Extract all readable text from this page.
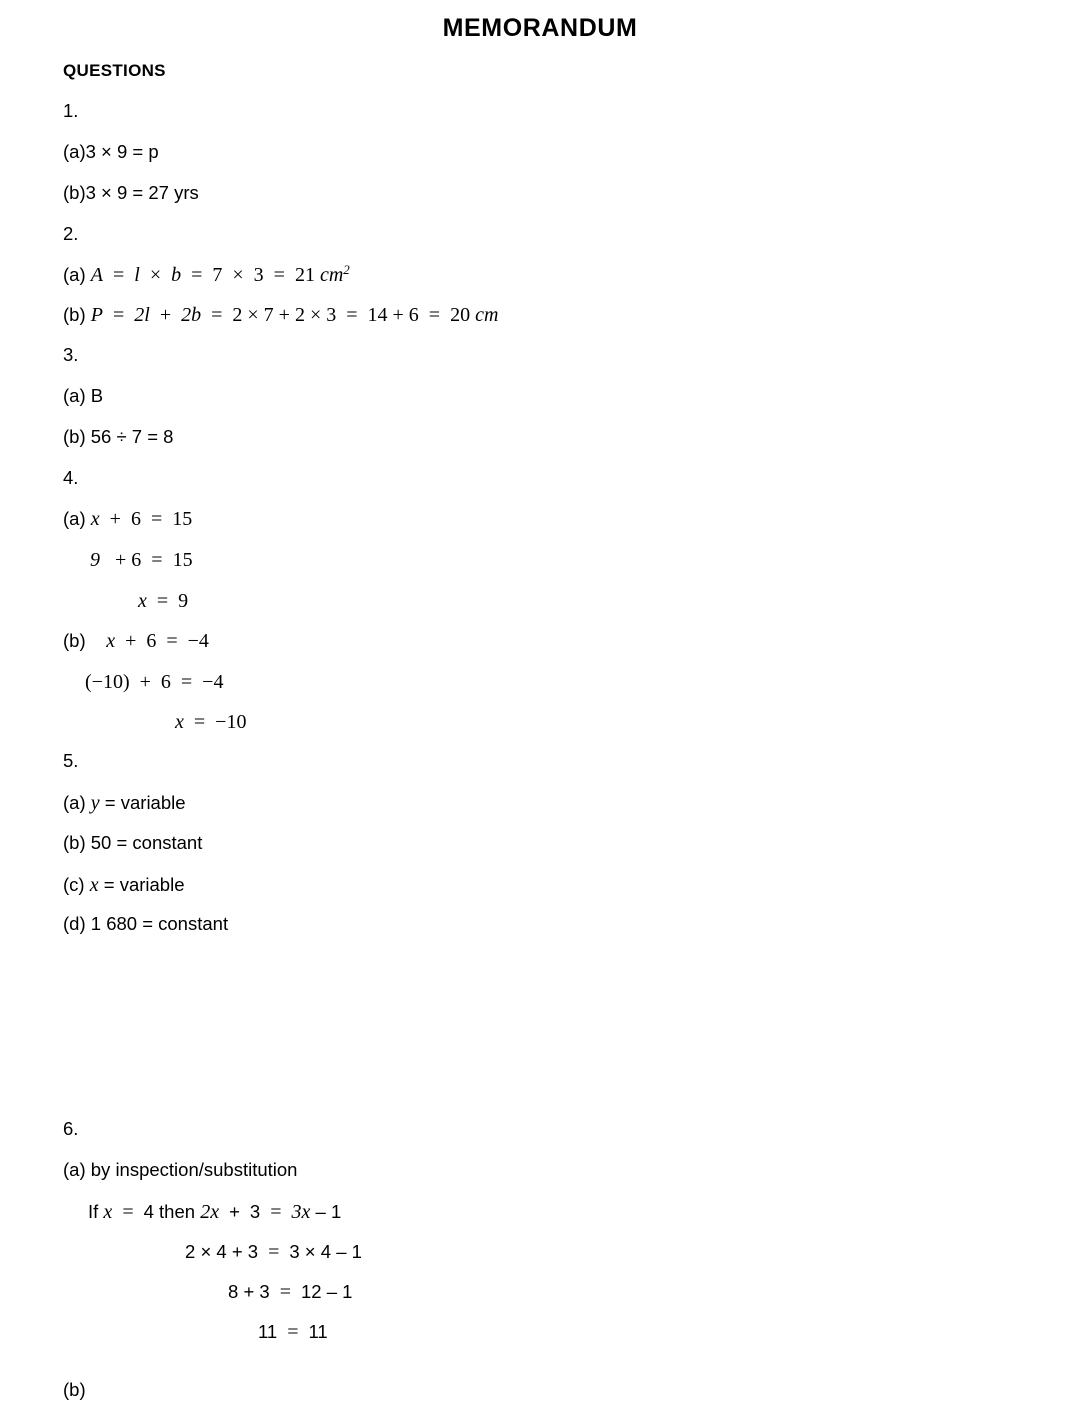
MEMORANDUM
QUESTIONS
1.
(a)3 × 9 = p
(b)3 × 9 = 27 yrs
2.
(a) A = l × b = 7 × 3 = 21 $cm^2$
(b) P = 2l + 2b = 2 × 7 + 2 × 3 = 14 + 6 = 20 cm
3.
(a) B
(b) 56 ÷ 7 = 8
4.
(a) x + 6 = 15
9 + 6 = 15
x = 9
(b) x + 6 = −4
(−10) + 6 = −4
x = −10
5.
(a) y = variable
(b) 50 = constant
(c) x = variable
(d) 1 680 = constant
6.
(a) by inspection/substitution
If x = 4 then 2x + 3 = 3x – 1
2 × 4 + 3 = 3 × 4 – 1
8 + 3 = 12 – 1
11 = 11
(b)
